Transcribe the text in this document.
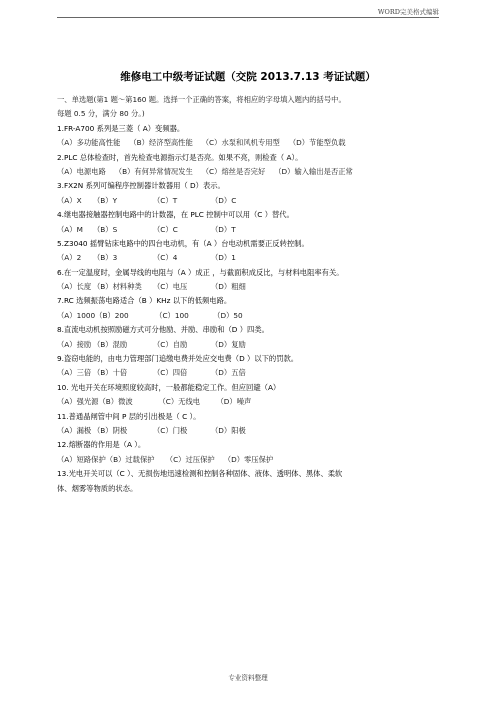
WORD完美格式编辑
维修电工中级考证试题（交院 2013.7.13 考证试题）
一、单选题(第1 题～第160 题。选择一个正确的答案，将相应的字母填入题内的括号中。
每题 0.5 分，满分 80 分。)
1.FR-A700 系列是三菱（ A）变频器。
（A）多功能高性能 （B）经济型高性能 （C）水泵和风机专用型 （D）节能型负载
2.PLC 总体检查时，首先检查电源指示灯是否亮。如果不亮，则检查（ A）。
（A）电源电路 （B）有何异常情况发生 （C）熔丝是否完好 （D）输入输出是否正常
3.FX2N 系列可编程序控制器计数器用（ D）表示。
（A）X	（B）Y	（C）T	（D）C
4.继电器接触器控制电路中的计数器，在 PLC 控制中可以用（C ）替代。
（A）M	（B）S	（C）C	（D）T
5.Z3040 摇臂钻床电路中的四台电动机，有（A ）台电动机需要正反转控制。
（A）2	（B）3	（C）4	（D）1
6.在一定温度时，金属导线的电阻与（A ）成正 ，与截面积成反比，与材料电阻率有关。
（A）长度 （B）材料种类	（C）电压	（D）粗细
7.RC 选频振荡电路适合（B ）KHz 以下的低频电路。
（A）1000 （B）200	（C）100	（D）50
8.直流电动机按照励磁方式可分他励、并励、串励和（D ）四类。
（A）接励 （B）混励	（C）自励	（D）复励
9.盗窃电能的，由电力管理部门追缴电费并处应交电费（D ）以下的罚款。
（A）三倍 （B）十倍	（C）四倍	（D）五倍
10. 光电开关在环境照度较高时，一般都能稳定工作。但应回避（A）
（A）强光源 （B）微波	（C）无线电	（D）噪声
11.普通晶闸管中间 P 层的引出极是（ C ）。
（A）漏极 （B）阴极	（C）门极	（D）阳极
12.熔断器的作用是（A ）。
（A）短路保护 （B）过载保护	（C）过压保护	（D）零压保护
13.光电开关可以（C ）、无损伤地迅速检测和控制各种固体、液体、透明体、黑体、柔软
体、烟雾等物质的状态。
专业资料整理
